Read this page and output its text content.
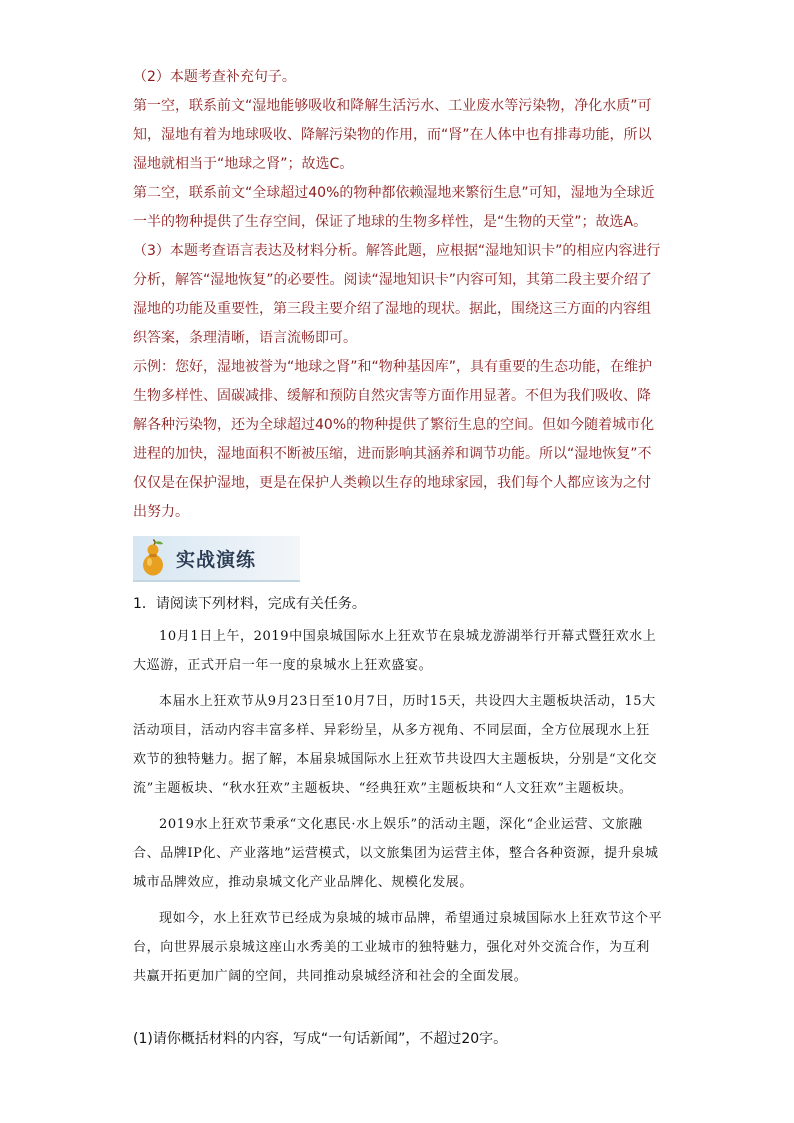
（2）本题考查补充句子。

第一空，联系前文“湿地能够吸收和降解生活污水、工业废水等污染物，净化水质”可知，湿地有着为地球吸收、降解污染物的作用，而“肾”在人体中也有排毒功能，所以湿地就相当于“地球之肾”；故选C。

第二空，联系前文“全球超过40%的物种都依赖湿地来繁衍生息”可知，湿地为全球近一半的物种提供了生存空间，保证了地球的生物多样性，是“生物的天堂”；故选A。

（3）本题考查语言表达及材料分析。解答此题，应根据“湿地知识卡”的相应内容进行分析，解答“湿地恢复”的必要性。阅读“湿地知识卡”内容可知，其第二段主要介绍了湿地的功能及重要性，第三段主要介绍了湿地的现状。据此，围绕这三方面的内容组织答案，条理清晰，语言流畅即可。

示例：您好，湿地被誉为“地球之肾”和“物种基因库”，具有重要的生态功能，在维护生物多样性、固碳减排、缓解和预防自然灾害等方面作用显著。不但为我们吸收、降解各种污染物，还为全球超过40%的物种提供了繁衍生息的空间。但如今随着城市化进程的加快，湿地面积不断被压缩，进而影响其涵养和调节功能。所以“湿地恢复”不仅仅是在保护湿地，更是在保护人类赖以生存的地球家园，我们每个人都应该为之付出努力。

实战演练
1．请阅读下列材料，完成有关任务。

10月1日上午，2019中国泉城国际水上狂欢节在泉城龙游湖举行开幕式暨狂欢水上大巡游，正式开启一年一度的泉城水上狂欢盛宴。

本届水上狂欢节从9月23日至10月7日，历时15天，共设四大主题板块活动，15大活动项目，活动内容丰富多样、异彩纷呈，从多方视角、不同层面，全方位展现水上狂欢节的独特魅力。据了解，本届泉城国际水上狂欢节共设四大主题板块，分别是“文化交流”主题板块、“秋水狂欢”主题板块、“经典狂欢”主题板块和“人文狂欢”主题板块。

2019水上狂欢节秉承“文化惠民·水上娱乐”的活动主题，深化“企业运营、文旅融合、品牌IP化、产业落地”运营模式，以文旅集团为运营主体，整合各种资源，提升泉城城市品牌效应，推动泉城文化产业品牌化、规模化发展。

现如今，水上狂欢节已经成为泉城的城市品牌，希望通过泉城国际水上狂欢节这个平台，向世界展示泉城这座山水秀美的工业城市的独特魅力，强化对外交流合作，为互利共赢开拓更加广阔的空间，共同推动泉城经济和社会的全面发展。

(1)请你概括材料的内容，写成“一句话新闻”，不超过20字。
